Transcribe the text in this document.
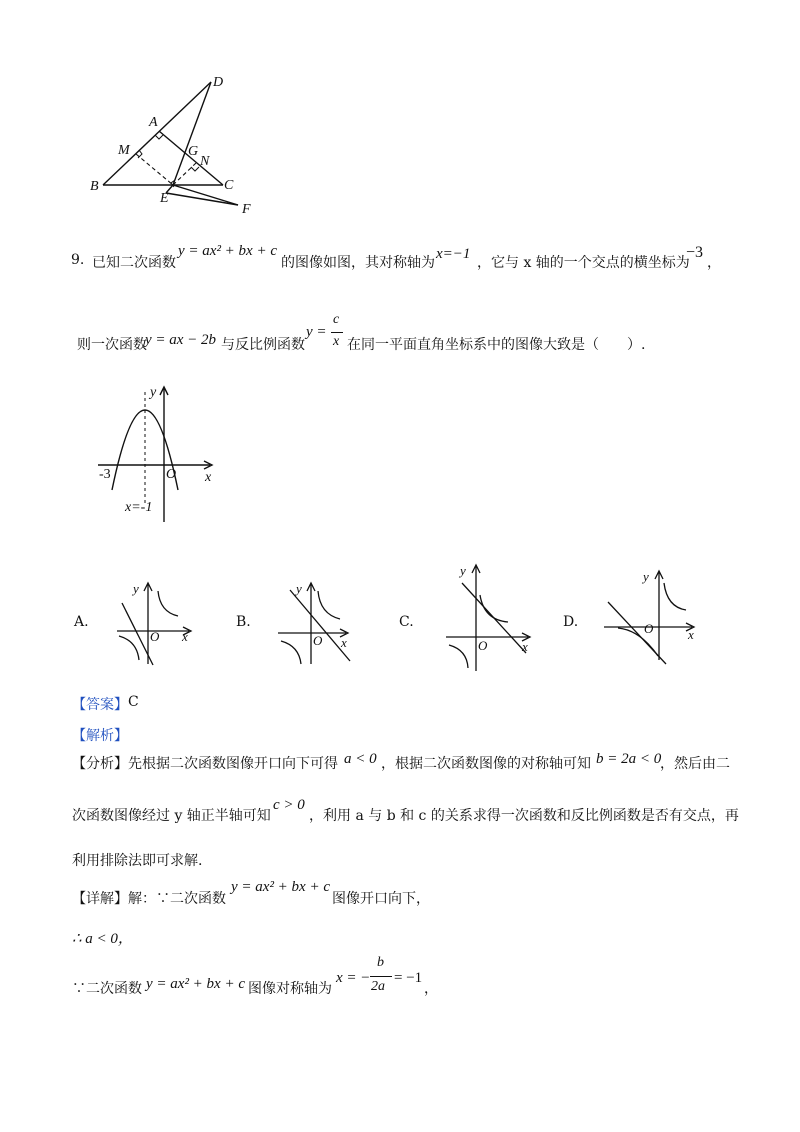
D
A
M	G
N
B
E
C
F
9. 已知二次函数
y = ax² + bx + c
的图像如图，其对称轴为
x=−1
，它与 x 轴的一个交点的横坐标为
−3
，
则一次函数
y = ax − 2b 与反比例函数
y =
c
x 在同一平面直角坐标系中的图像大致是（　　）.
y
x
O
-3
x=-1
A.
y
x
O
B.
y
x
O
C.
y
x
O
D.
y
x
O
【答案】 C
【解析】
【分析】 先根据二次函数图像开口向下可得 a < 0 ，根据二次函数图像的对称轴可知 b = 2a < 0
，然后由二
次函数图像经过 y 轴正半轴可知
c > 0
，利用 a 与 b 和 c 的关系求得一次函数和反比例函数是否有交点，再
利用排除法即可求解.
【详解】 解：∵二次函数
y = ax² + bx + c
图像开口向下，
∴ a < 0，
∵二次函数 y = ax² + bx + c 图像对称轴为
x = −
b
2a
= −1
，
